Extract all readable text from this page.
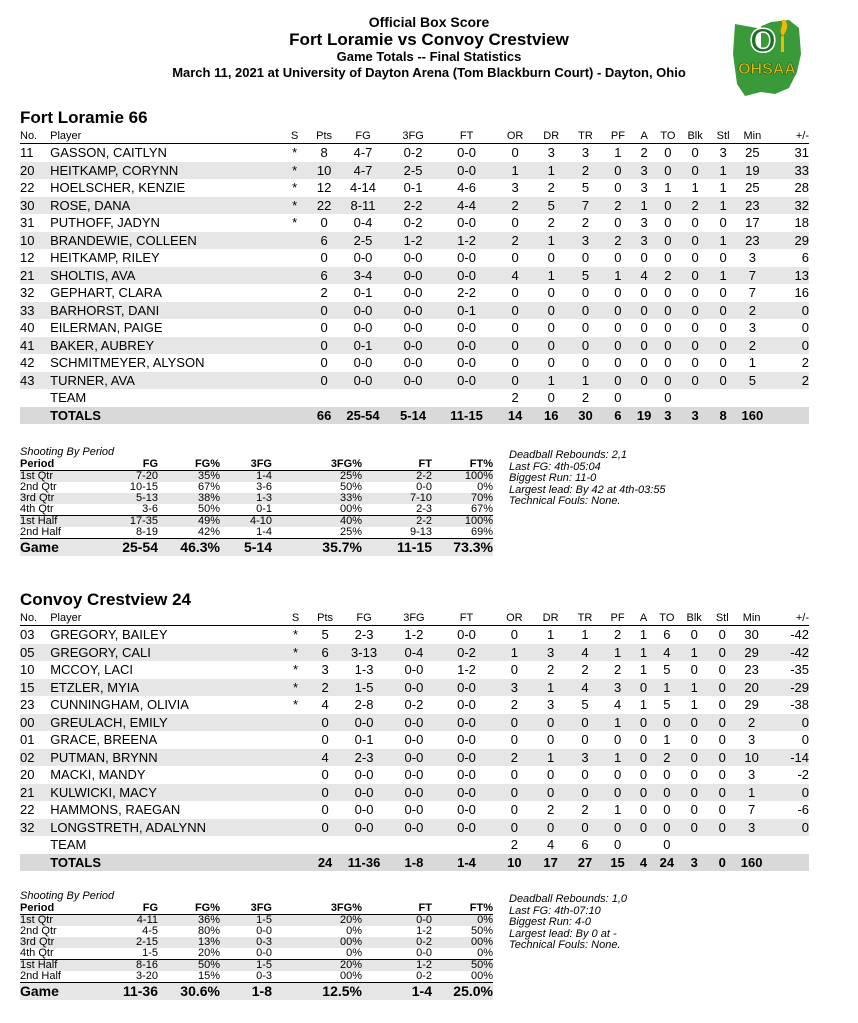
Official Box Score
Fort Loramie vs Convoy Crestview
Game Totals -- Final Statistics
March 11, 2021 at University of Dayton Arena (Tom Blackburn Court) - Dayton, Ohio
O
OHSAA
Fort Loramie 66
No.	Player	S	Pts	FG	3FG	FT	OR	DR	TR	PF	A	TO	Blk	Stl	Min	+/-
11	GASSON, CAITLYN	*	8	4-7	0-2	0-0	0	3	3	1	2	0	0	3	25	31
20	HEITKAMP, CORYNN	*	10	4-7	2-5	0-0	1	1	2	0	3	0	0	1	19	33
22	HOELSCHER, KENZIE	*	12	4-14	0-1	4-6	3	2	5	0	3	1	1	1	25	28
30	ROSE, DANA	*	22	8-11	2-2	4-4	2	5	7	2	1	0	2	1	23	32
31	PUTHOFF, JADYN	*	0	0-4	0-2	0-0	0	2	2	0	3	0	0	0	17	18
10	BRANDEWIE, COLLEEN		6	2-5	1-2	1-2	2	1	3	2	3	0	0	1	23	29
12	HEITKAMP, RILEY		0	0-0	0-0	0-0	0	0	0	0	0	0	0	0	3	6
21	SHOLTIS, AVA		6	3-4	0-0	0-0	4	1	5	1	4	2	0	1	7	13
32	GEPHART, CLARA		2	0-1	0-0	2-2	0	0	0	0	0	0	0	0	7	16
33	BARHORST, DANI		0	0-0	0-0	0-1	0	0	0	0	0	0	0	0	2	0
40	EILERMAN, PAIGE		0	0-0	0-0	0-0	0	0	0	0	0	0	0	0	3	0
41	BAKER, AUBREY		0	0-1	0-0	0-0	0	0	0	0	0	0	0	0	2	0
42	SCHMITMEYER, ALYSON		0	0-0	0-0	0-0	0	0	0	0	0	0	0	0	1	2
43	TURNER, AVA		0	0-0	0-0	0-0	0	1	1	0	0	0	0	0	5	2
	TEAM						2	0	2	0		0				
	TOTALS		66	25-54	5-14	11-15	14	16	30	6	19	3	3	8	160	
Shooting By Period
Period	FG	FG%	3FG	3FG%	FT	FT%
1st Qtr	7-20	35%	1-4	25%	2-2	100%
2nd Qtr	10-15	67%	3-6	50%	0-0	0%
3rd Qtr	5-13	38%	1-3	33%	7-10	70%
4th Qtr	3-6	50%	0-1	00%	2-3	67%
1st Half	17-35	49%	4-10	40%	2-2	100%
2nd Half	8-19	42%	1-4	25%	9-13	69%
Game	25-54	46.3%	5-14	35.7%	11-15	73.3%
Deadball Rebounds: 2,1
Last FG: 4th-05:04
Biggest Run: 11-0
Largest lead: By 42 at 4th-03:55
Technical Fouls: None.
Convoy Crestview 24
No.	Player	S	Pts	FG	3FG	FT	OR	DR	TR	PF	A	TO	Blk	Stl	Min	+/-
03	GREGORY, BAILEY	*	5	2-3	1-2	0-0	0	1	1	2	1	6	0	0	30	-42
05	GREGORY, CALI	*	6	3-13	0-4	0-2	1	3	4	1	1	4	1	0	29	-42
10	MCCOY, LACI	*	3	1-3	0-0	1-2	0	2	2	2	1	5	0	0	23	-35
15	ETZLER, MYIA	*	2	1-5	0-0	0-0	3	1	4	3	0	1	1	0	20	-29
23	CUNNINGHAM, OLIVIA	*	4	2-8	0-2	0-0	2	3	5	4	1	5	1	0	29	-38
00	GREULACH, EMILY		0	0-0	0-0	0-0	0	0	0	1	0	0	0	0	2	0
01	GRACE, BREENA		0	0-1	0-0	0-0	0	0	0	0	0	1	0	0	3	0
02	PUTMAN, BRYNN		4	2-3	0-0	0-0	2	1	3	1	0	2	0	0	10	-14
20	MACKI, MANDY		0	0-0	0-0	0-0	0	0	0	0	0	0	0	0	3	-2
21	KULWICKI, MACY		0	0-0	0-0	0-0	0	0	0	0	0	0	0	0	1	0
22	HAMMONS, RAEGAN		0	0-0	0-0	0-0	0	2	2	1	0	0	0	0	7	-6
32	LONGSTRETH, ADALYNN		0	0-0	0-0	0-0	0	0	0	0	0	0	0	0	3	0
	TEAM						2	4	6	0		0				
	TOTALS		24	11-36	1-8	1-4	10	17	27	15	4	24	3	0	160	
Shooting By Period
Period	FG	FG%	3FG	3FG%	FT	FT%
1st Qtr	4-11	36%	1-5	20%	0-0	0%
2nd Qtr	4-5	80%	0-0	0%	1-2	50%
3rd Qtr	2-15	13%	0-3	00%	0-2	00%
4th Qtr	1-5	20%	0-0	0%	0-0	0%
1st Half	8-16	50%	1-5	20%	1-2	50%
2nd Half	3-20	15%	0-3	00%	0-2	00%
Game	11-36	30.6%	1-8	12.5%	1-4	25.0%
Deadball Rebounds: 1,0
Last FG: 4th-07:10
Biggest Run: 4-0
Largest lead: By 0 at -
Technical Fouls: None.
